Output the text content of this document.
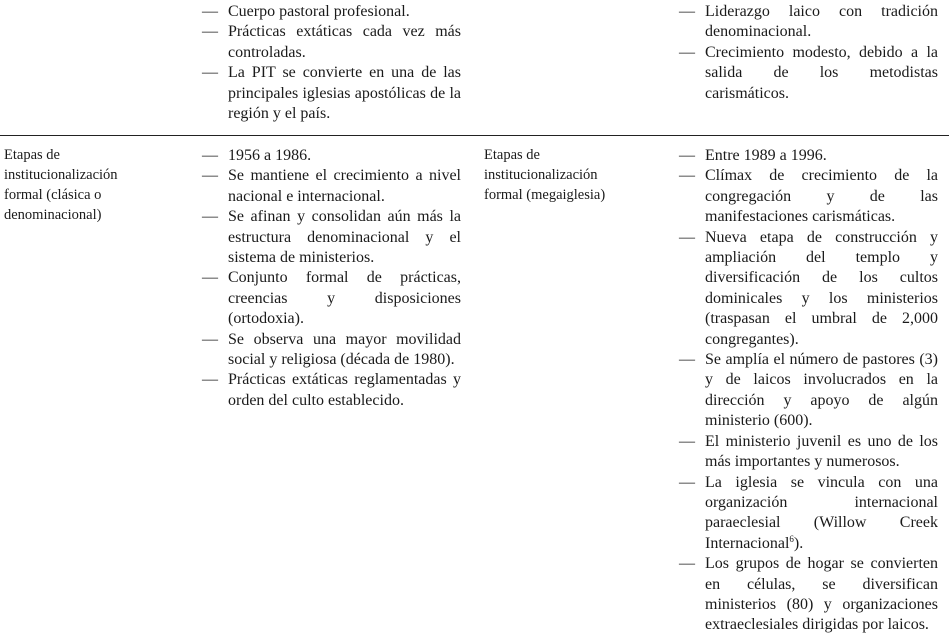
— Cuerpo pastoral profesional.
— Prácticas extáticas cada vez más controladas.
— La PIT se convierte en una de las principales iglesias apostólicas de la región y el país.
— Liderazgo laico con tradición denominacional.
— Crecimiento modesto, debido a la salida de los metodistas carismáticos.
Etapas de institucionalización formal (clásica o denominacional)
— 1956 a 1986.
— Se mantiene el crecimiento a nivel nacional e internacional.
— Se afinan y consolidan aún más la estructura denominacional y el sistema de ministerios.
— Conjunto formal de prácticas, creencias y disposiciones (ortodoxia).
— Se observa una mayor movilidad social y religiosa (década de 1980).
— Prácticas extáticas reglamentadas y orden del culto establecido.
Etapas de institucionalización formal (megaiglesia)
— Entre 1989 a 1996.
— Clímax de crecimiento de la congregación y de las manifestaciones carismáticas.
— Nueva etapa de construcción y ampliación del templo y diversificación de los cultos dominicales y los ministerios (traspasan el umbral de 2,000 congregantes).
— Se amplía el número de pastores (3) y de laicos involucrados en la dirección y apoyo de algún ministerio (600).
— El ministerio juvenil es uno de los más importantes y numerosos.
— La iglesia se vincula con una organización internacional paraeclesial (Willow Creek Internacional$^6$).
— Los grupos de hogar se convierten en células, se diversifican ministerios (80) y organizaciones extraeclesiales dirigidas por laicos.
